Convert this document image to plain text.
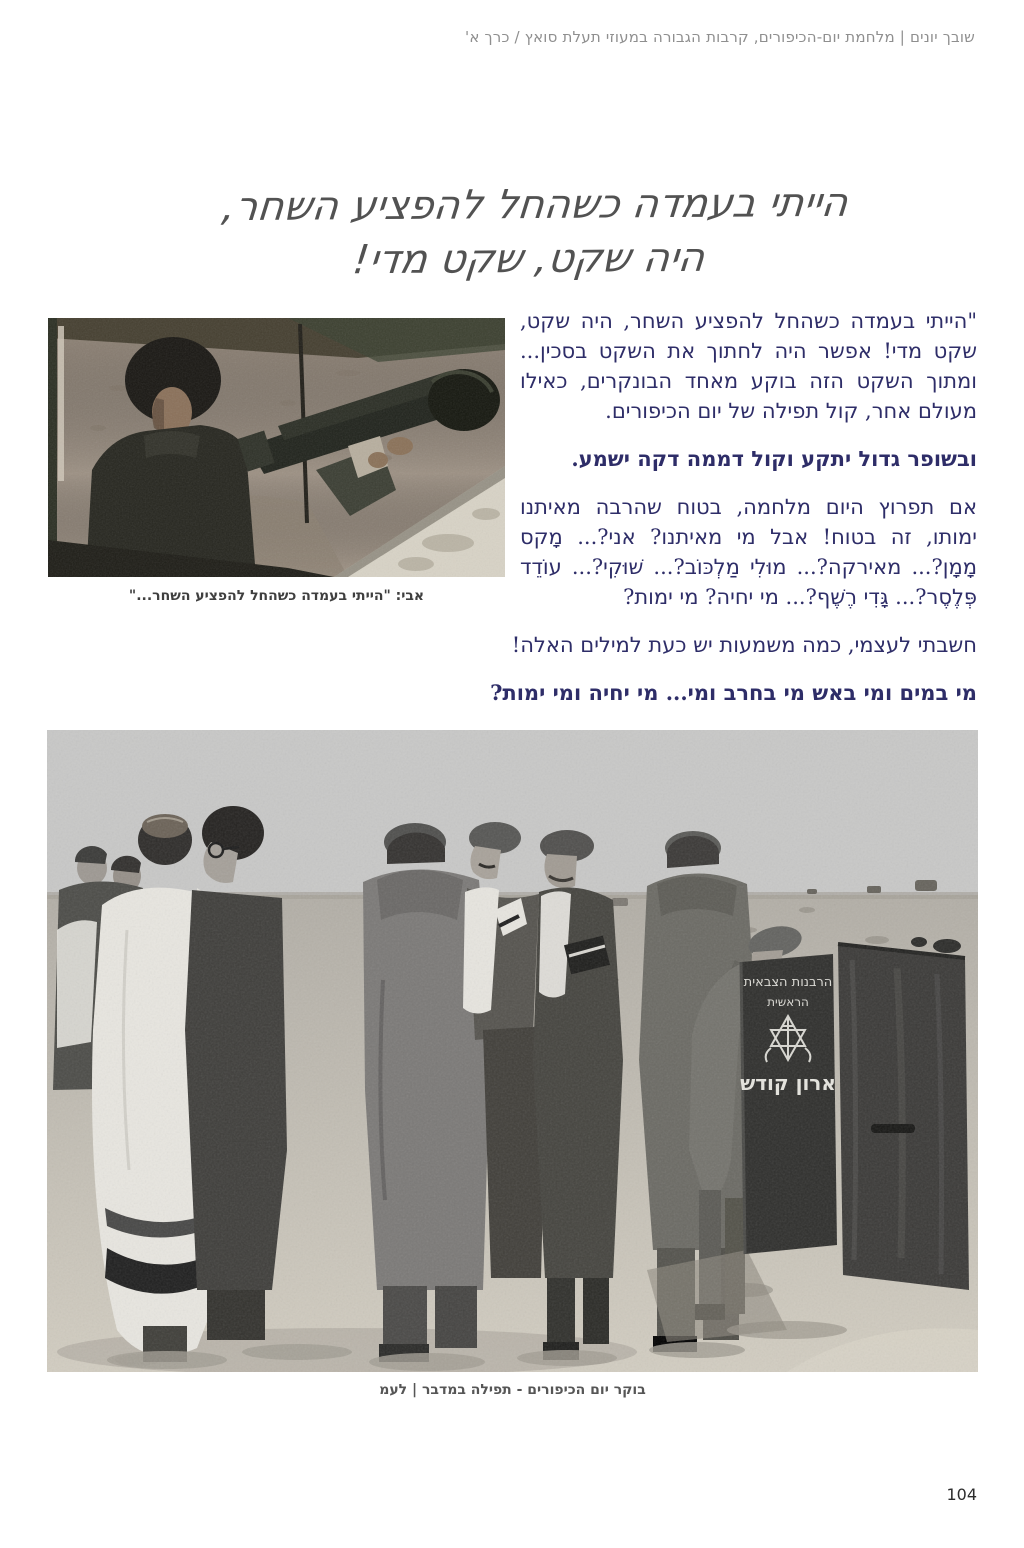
שובך יונים | מלחמת יום-הכיפורים, קרבות הגבורה במעוזי תעלת סואץ / כרך א'
הייתי בעמדה כשהחל להפציע השחר,
היה שקט, שקט מדי!
אבי: "הייתי בעמדה כשהחל להפציע השחר..."

"הייתי בעמדה כשהחל להפציע השחר, היה שקט, שקט מדי! אפשר היה לחתוך את השקט בסכין... ומתוך השקט הזה בוקע מאחד הבונקרים, כאילו מעולם אחר, קול תפילה של יום הכיפורים.

ובשופר גדול יתקע וקול דממה דקה ישמע.

אם תפרוץ היום מלחמה, בטוח שהרבה מאיתנו ימותו, זה בטוח! אבל מי מאיתנו? אני?... מָקס מָמָן?... מאירקה?... מוּלִי מַלְכּוֹב?... שׁוּקִי?... עוֹדֵד פְּלֶסֶר?... גָּדִי רֶשֶׁף?... מי יחיה? מי ימות?

חשבתי לעצמי, כמה משמעות יש כעת למילים האלה!

מי במים ומי באש מי בחרב ומי... מי יחיה ומי ימות?

בוקר יום הכיפורים - תפילה במדבר | לעמ
104
